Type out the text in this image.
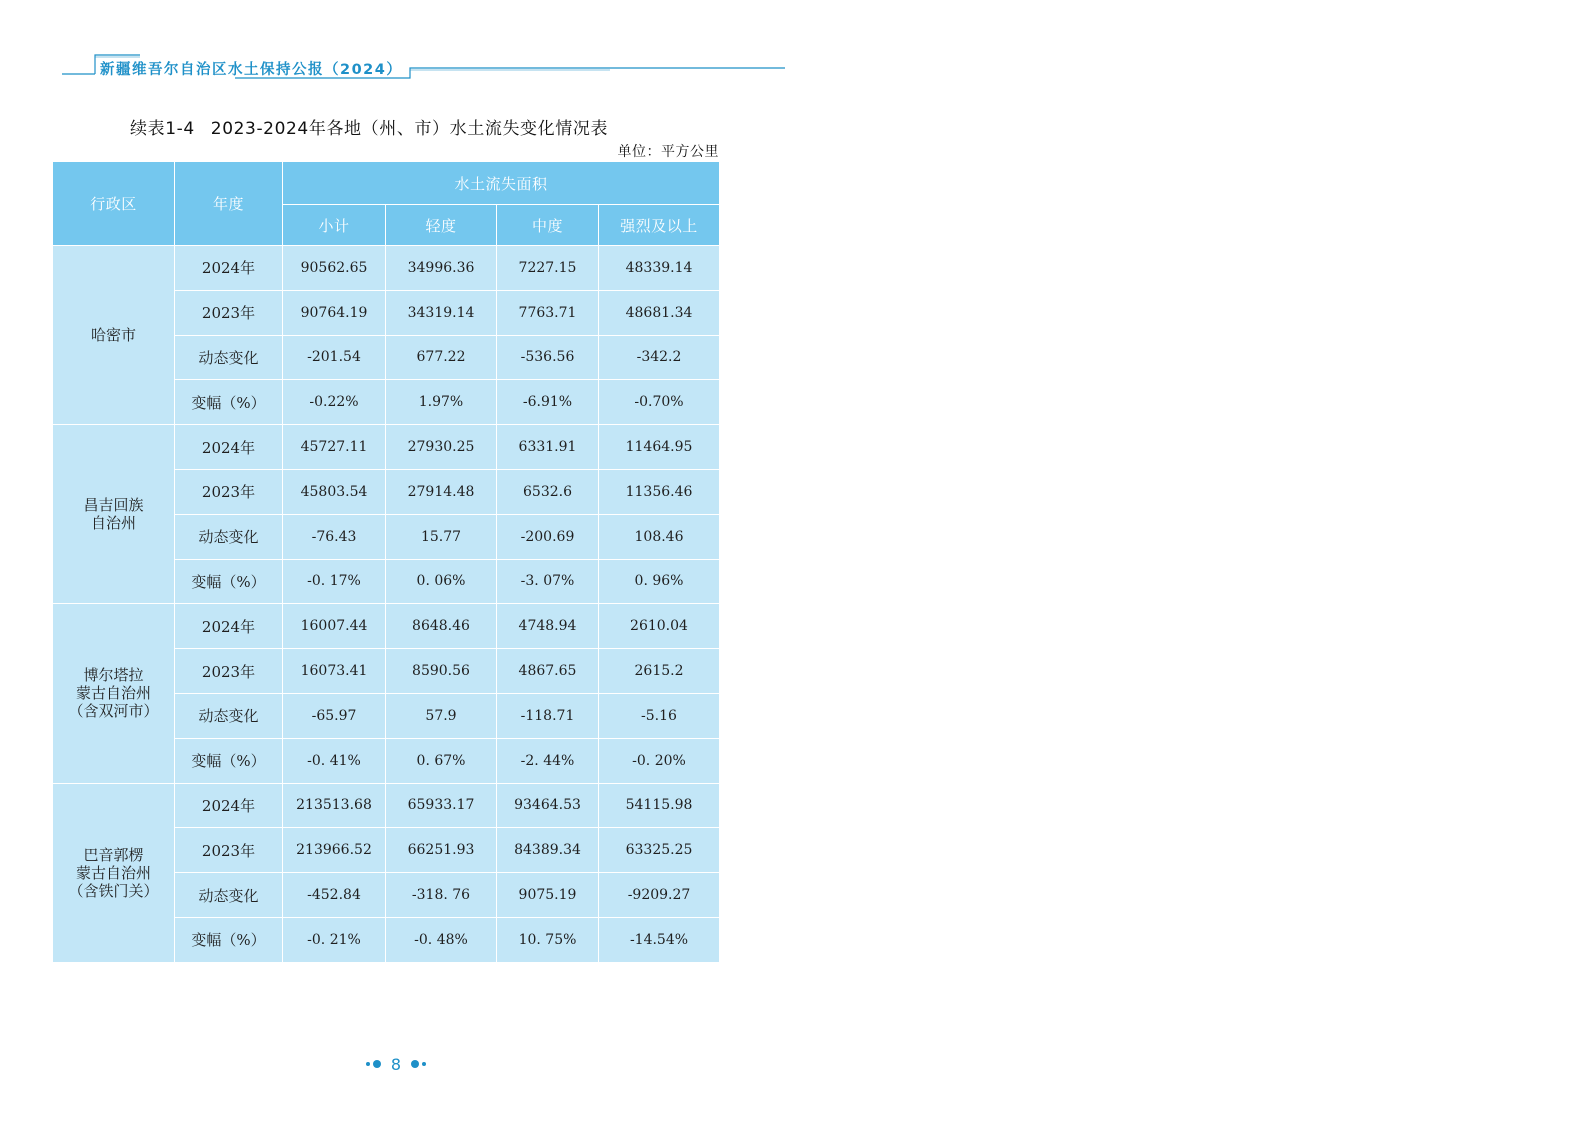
新疆维吾尔自治区水土保持公报（2024）
续表1-4 2023-2024年各地（州、市）水土流失变化情况表
单位：平方公里
行政区	年度	水土流失面积			
		小计	轻度	中度	强烈及以上

哈密市	2024年	90562.65	34996.36	7227.15	48339.14
	2023年	90764.19	34319.14	7763.71	48681.34
	动态变化	-201.54	677.22	-536.56	-342.2
	变幅（%）	-0.22%	1.97%	-6.91%	-0.70%

昌吉回族
自治州	2024年	45727.11	27930.25	6331.91	11464.95
	2023年	45803.54	27914.48	6532.6	11356.46
	动态变化	-76.43	15.77	-200.69	108.46
	变幅（%）	-0. 17%	0. 06%	-3. 07%	0. 96%

博尔塔拉
蒙古自治州
（含双河市）	2024年	16007.44	8648.46	4748.94	2610.04
	2023年	16073.41	8590.56	4867.65	2615.2
	动态变化	-65.97	57.9	-118.71	-5.16
	变幅（%）	-0. 41%	0. 67%	-2. 44%	-0. 20%

巴音郭楞
蒙古自治州
（含铁门关）	2024年	213513.68	65933.17	93464.53	54115.98
	2023年	213966.52	66251.93	84389.34	63325.25
	动态变化	-452.84	-318. 76	9075.19	-9209.27
	变幅（%）	-0. 21%	-0. 48%	10. 75%	-14.54%
8
